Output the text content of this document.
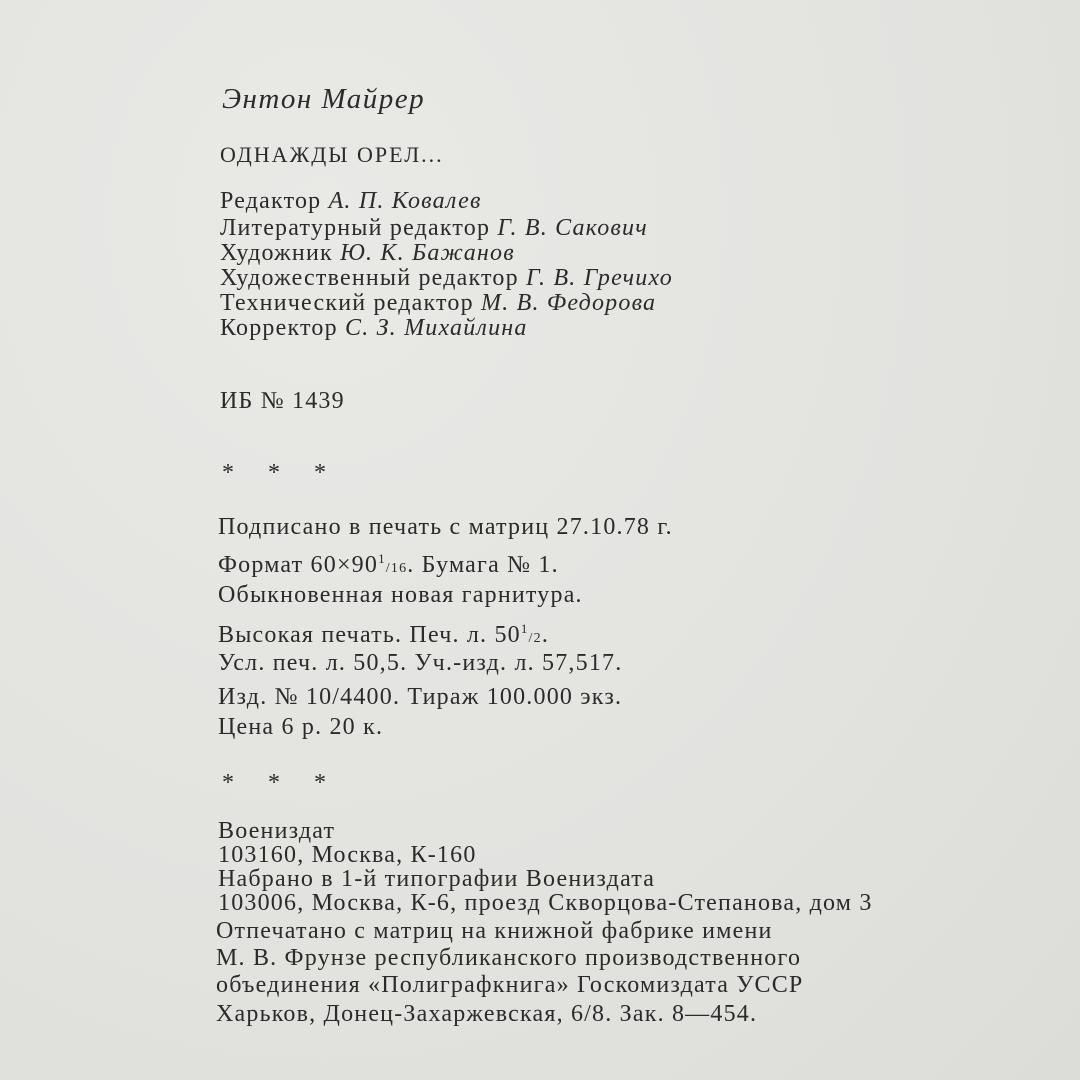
Энтон Майрер
ОДНАЖДЫ ОРЕЛ...
Редактор А. П. Ковалев
Литературный редактор Г. В. Сакович
Художник Ю. К. Бажанов
Художественный редактор Г. В. Гречихо
Технический редактор М. В. Федорова
Корректор С. З. Михайлина
ИБ № 1439
* * *
Подписано в печать с матриц 27.10.78 г.
Формат $60\times 90^1/16$. Бумага № 1.
Обыкновенная новая гарнитура.
Высокая печать. Печ. л. $50^1/2$.
Усл. печ. л. 50,5. Уч.-изд. л. 57,517.
Изд. № 10/4400. Тираж 100.000 экз.
Цена 6 р. 20 к.
* * *
Воениздат
103160, Москва, К-160
Набрано в 1-й типографии Воениздата
103006, Москва, К-6, проезд Скворцова-Степанова, дом 3
Отпечатано с матриц на книжной фабрике имени
М. В. Фрунзе республиканского производственного
объединения «Полиграфкнига» Госкомиздата УССР
Харьков, Донец-Захаржевская, 6/8. Зак. 8—454.
